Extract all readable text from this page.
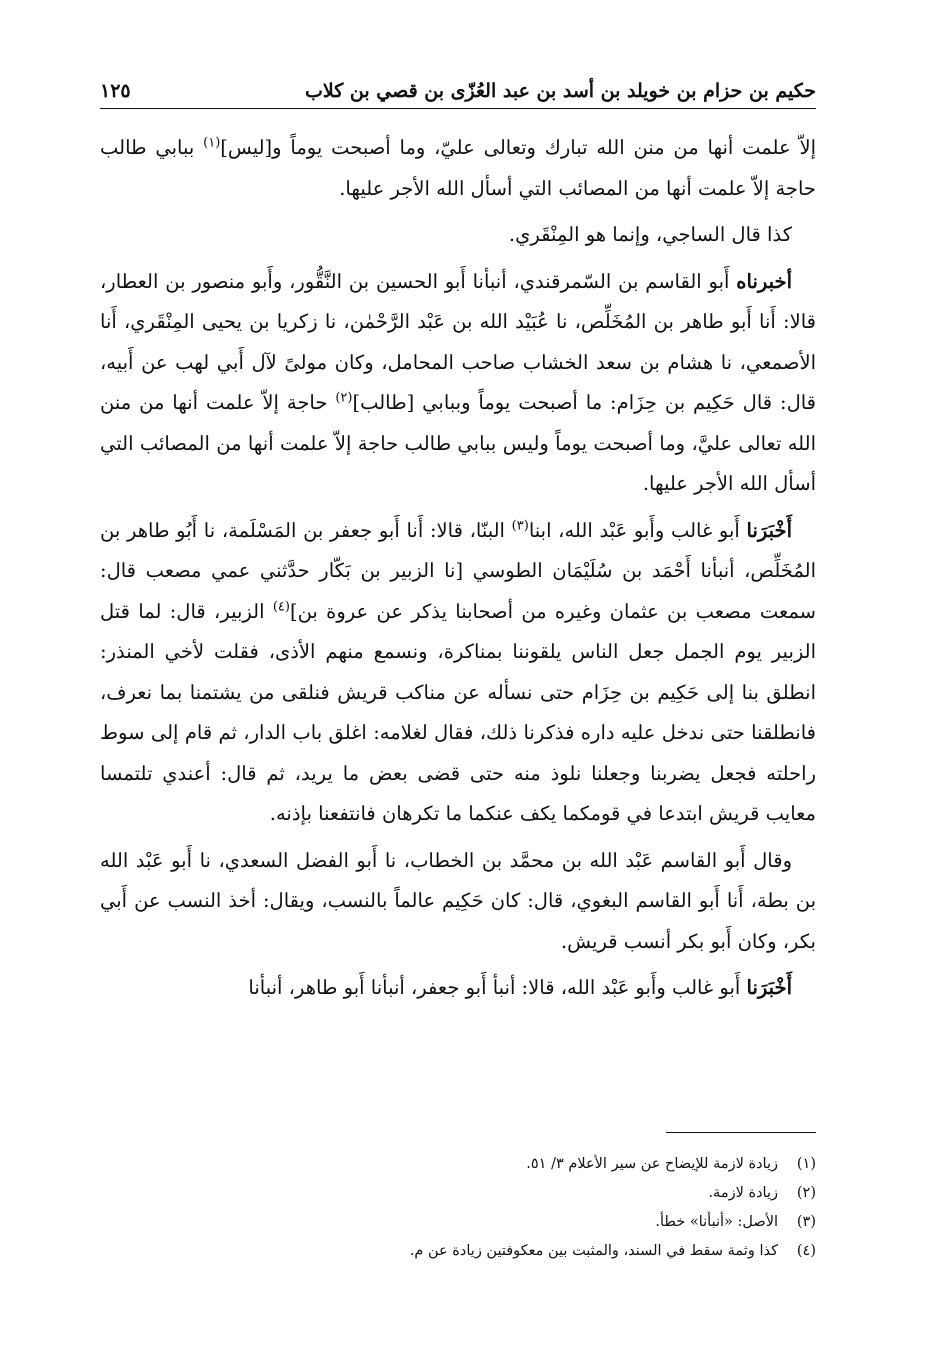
حكيم بن حزام بن خويلد بن أسد بن عبد العُزّى بن قصي بن كلاب
١٢٥

إلاّ علمت أنها من منن الله تبارك وتعالى عليّ، وما أصبحت يوماً و[ليس]$^{(١)}$ ببابي طالب حاجة إلاّ علمت أنها من المصائب التي أسأل الله الأجر عليها.

كذا قال الساجي، وإنما هو المِنْقَري.

أخبرناه أَبو القاسم بن السّمرقندي، أنبأنا أَبو الحسين بن النَّقُّور، وأَبو منصور بن العطار، قالا: أَنا أَبو طاهر بن المُخَلِّص، نا عُبَيْد الله بن عَبْد الرَّحْمٰن، نا زكريا بن يحيى المِنْقَري، أَنا الأصمعي، نا هشام بن سعد الخشاب صاحب المحامل، وكان مولىً لآل أَبي لهب عن أَبيه، قال: قال حَكِيم بن حِزَام: ما أصبحت يوماً وببابي [طالب]$^{(٢)}$ حاجة إلاّ علمت أنها من منن الله تعالى عليَّ، وما أصبحت يوماً وليس ببابي طالب حاجة إلاّ علمت أنها من المصائب التي أسأل الله الأجر عليها.

أَخْبَرَنا أَبو غالب وأَبو عَبْد الله، ابنا$^{(٣)}$ البنّا، قالا: أَنا أَبو جعفر بن المَسْلَمة، نا أَبُو طاهر بن المُخَلِّص، أنبأنا أَحْمَد بن سُلَيْمَان الطوسي [نا الزبير بن بَكّار حدَّثني عمي مصعب قال: سمعت مصعب بن عثمان وغيره من أصحابنا يذكر عن عروة بن]$^{(٤)}$ الزبير، قال: لما قتل الزبير يوم الجمل جعل الناس يلقوننا بمناكرة، ونسمع منهم الأذى، فقلت لأخي المنذر: انطلق بنا إلى حَكِيم بن حِزَام حتى نسأله عن مناكب قريش فنلقى من يشتمنا بما نعرف، فانطلقنا حتى ندخل عليه داره فذكرنا ذلك، فقال لغلامه: اغلق باب الدار، ثم قام إلى سوط راحلته فجعل يضربنا وجعلنا نلوذ منه حتى قضى بعض ما يريد، ثم قال: أعندي تلتمسا معايب قريش ابتدعا في قومكما يكف عنكما ما تكرهان فانتفعنا بإذنه.

وقال أَبو القاسم عَبْد الله بن محمَّد بن الخطاب، نا أَبو الفضل السعدي، نا أَبو عَبْد الله بن بطة، أَنا أَبو القاسم البغوي، قال: كان حَكِيم عالماً بالنسب، ويقال: أخذ النسب عن أَبي بكر، وكان أَبو بكر أنسب قريش.

أَخْبَرَنا أَبو غالب وأَبو عَبْد الله، قالا: أنبأ أَبو جعفر، أنبأنا أَبو طاهر، أنبأنا

(١)
زيادة لازمة للإيضاح عن سير الأعلام ٣/ ٥١.
(٢)
زيادة لازمة.
(٣)
الأصل: «أنبأنا» خطأ.
(٤)
كذا وثمة سقط في السند، والمثبت بين معكوفتين زيادة عن م.
